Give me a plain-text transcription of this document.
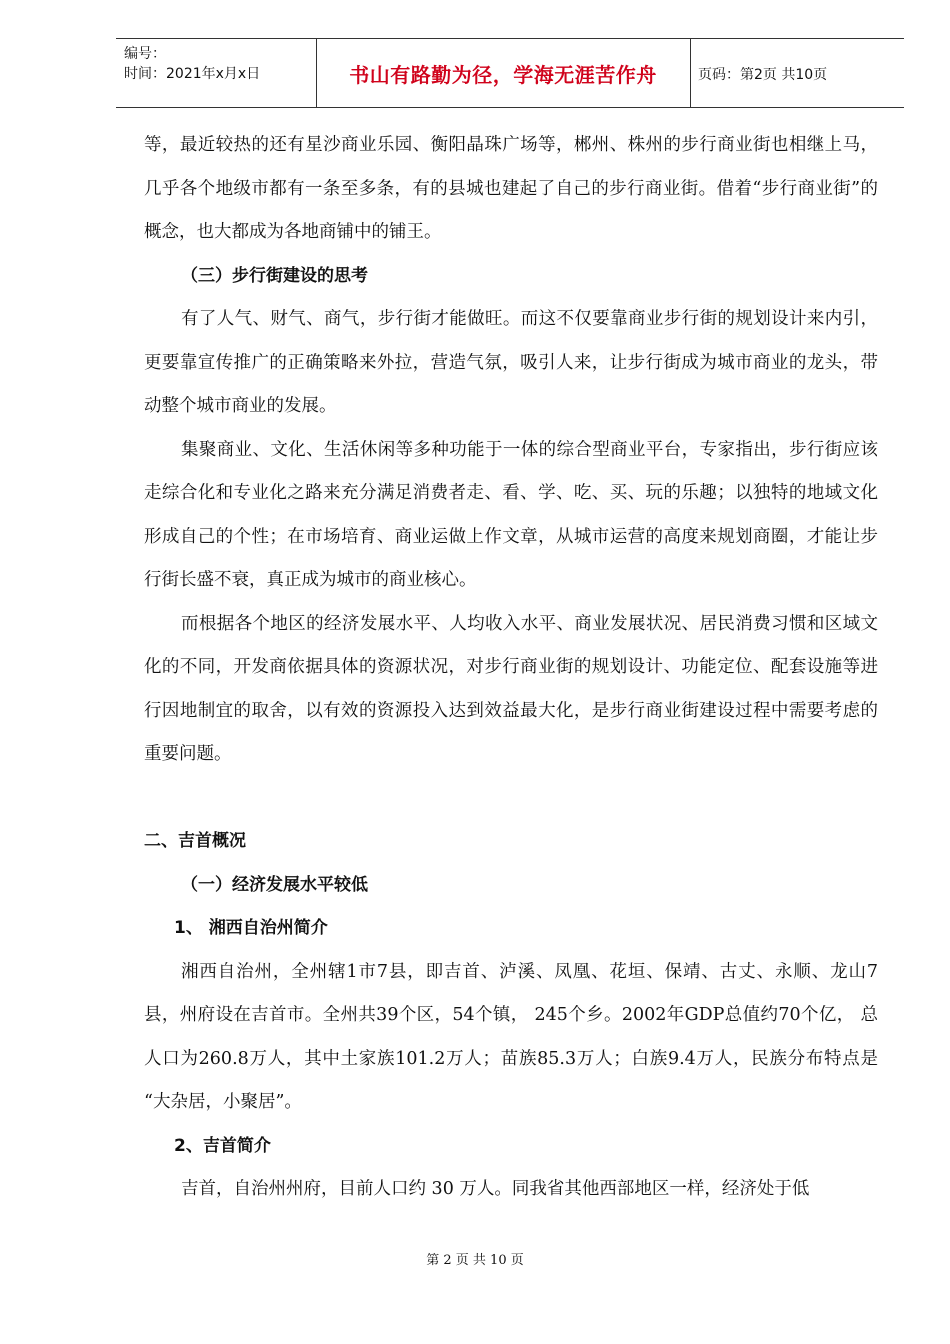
编号：
时间：2021年x月x日	书山有路勤为径，学海无涯苦作舟	页码：第2页 共10页

等，最近较热的还有星沙商业乐园、衡阳晶珠广场等，郴州、株州的步行商业街也相继上马，几乎各个地级市都有一条至多条，有的县城也建起了自己的步行商业街。借着“步行商业街”的概念，也大都成为各地商铺中的铺王。

（三）步行街建设的思考

有了人气、财气、商气，步行街才能做旺。而这不仅要靠商业步行街的规划设计来内引，更要靠宣传推广的正确策略来外拉，营造气氛，吸引人来，让步行街成为城市商业的龙头，带动整个城市商业的发展。

集聚商业、文化、生活休闲等多种功能于一体的综合型商业平台，专家指出，步行街应该走综合化和专业化之路来充分满足消费者走、看、学、吃、买、玩的乐趣；以独特的地域文化形成自己的个性；在市场培育、商业运做上作文章，从城市运营的高度来规划商圈，才能让步行街长盛不衰，真正成为城市的商业核心。

而根据各个地区的经济发展水平、人均收入水平、商业发展状况、居民消费习惯和区域文化的不同，开发商依据具体的资源状况，对步行商业街的规划设计、功能定位、配套设施等进行因地制宜的取舍，以有效的资源投入达到效益最大化，是步行商业街建设过程中需要考虑的重要问题。

二、吉首概况

（一）经济发展水平较低

1、 湘西自治州简介

湘西自治州，全州辖1市7县，即吉首、泸溪、凤凰、花垣、保靖、古丈、永顺、龙山7县，州府设在吉首市。全州共39个区，54个镇， 245个乡。2002年GDP总值约70个亿， 总人口为260.8万人，其中土家族101.2万人；苗族85.3万人；白族9.4万人，民族分布特点是 “大杂居，小聚居”。

2、吉首简介

吉首，自治州州府，目前人口约 30 万人。同我省其他西部地区一样，经济处于低

第 2 页 共 10 页
